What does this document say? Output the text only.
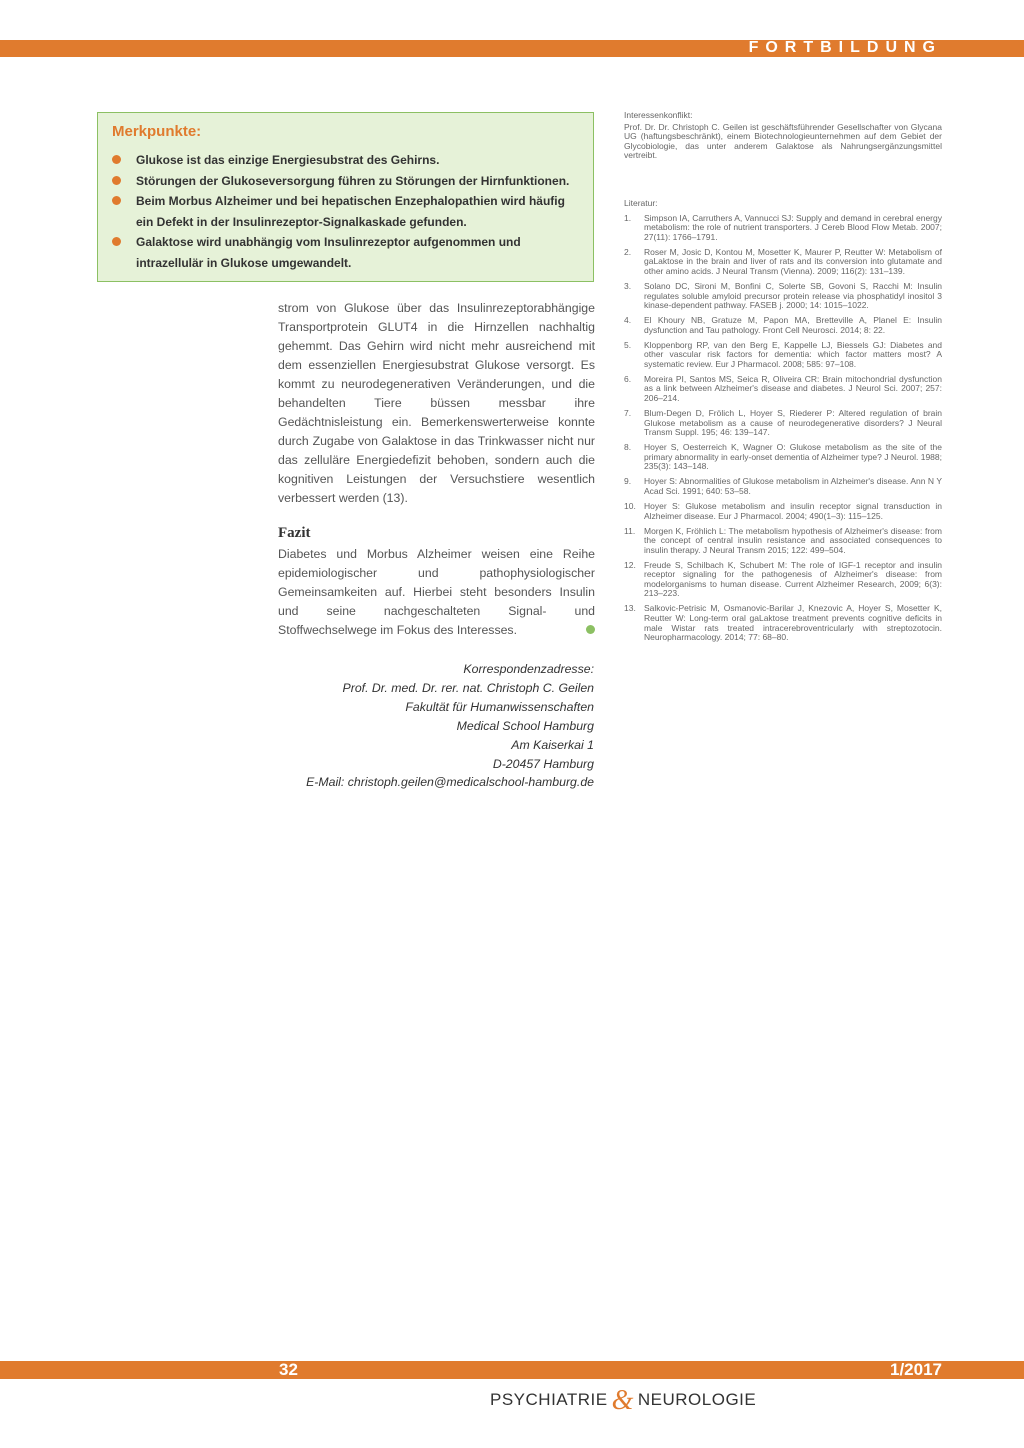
FORTBILDUNG
Merkpunkte:
Glukose ist das einzige Energiesubstrat des Gehirns.
Störungen der Glukoseversorgung führen zu Störungen der Hirnfunktionen.
Beim Morbus Alzheimer und bei hepatischen Enzephalopathien wird häufig ein Defekt in der Insulinrezeptor-Signalkaskade gefunden.
Galaktose wird unabhängig vom Insulinrezeptor aufgenommen und intrazellulär in Glukose umgewandelt.
strom von Glukose über das Insulinrezeptorabhängige Transportprotein GLUT4 in die Hirnzellen nachhaltig gehemmt. Das Gehirn wird nicht mehr ausreichend mit dem essenziellen Energiesubstrat Glukose versorgt. Es kommt zu neurodegenerativen Veränderungen, und die behandelten Tiere büssen messbar ihre Gedächtnisleistung ein. Bemerkenswerterweise konnte durch Zugabe von Galaktose in das Trinkwasser nicht nur das zelluläre Energiedefizit behoben, sondern auch die kognitiven Leistungen der Versuchstiere wesentlich verbessert werden (13).
Fazit
Diabetes und Morbus Alzheimer weisen eine Reihe epidemiologischer und pathophysiologischer Gemeinsamkeiten auf. Hierbei steht besonders Insulin und seine nachgeschalteten Signal- und Stoffwechselwege im Fokus des Interesses.
Korrespondenzadresse:
Prof. Dr. med. Dr. rer. nat. Christoph C. Geilen
Fakultät für Humanwissenschaften
Medical School Hamburg
Am Kaiserkai 1
D-20457 Hamburg
E-Mail: christoph.geilen@medicalschool-hamburg.de

Interessenkonflikt:

Prof. Dr. Dr. Christoph C. Geilen ist geschäftsführender Gesellschafter von Glycana UG (haftungsbeschränkt), einem Biotechnologieunternehmen auf dem Gebiet der Glycobiologie, das unter anderem Galaktose als Nahrungsergänzungsmittel vertreibt.

Literatur:

1. Simpson IA, Carruthers A, Vannucci SJ: Supply and demand in cerebral energy metabolism: the role of nutrient transporters. J Cereb Blood Flow Metab. 2007; 27(11): 1766–1791.
2. Roser M, Josic D, Kontou M, Mosetter K, Maurer P, Reutter W: Metabolism of gaLaktose in the brain and liver of rats and its conversion into glutamate and other amino acids. J Neural Transm (Vienna). 2009; 116(2): 131–139.
3. Solano DC, Sironi M, Bonfini C, Solerte SB, Govoni S, Racchi M: Insulin regulates soluble amyloid precursor protein release via phosphatidyl inositol 3 kinase-dependent pathway. FASEB j. 2000; 14: 1015–1022.
4. El Khoury NB, Gratuze M, Papon MA, Bretteville A, Planel E: Insulin dysfunction and Tau pathology. Front Cell Neurosci. 2014; 8: 22.
5. Kloppenborg RP, van den Berg E, Kappelle LJ, Biessels GJ: Diabetes and other vascular risk factors for dementia: which factor matters most? A systematic review. Eur J Pharmacol. 2008; 585: 97–108.
6. Moreira PI, Santos MS, Seica R, Oliveira CR: Brain mitochondrial dysfunction as a link between Alzheimer's disease and diabetes. J Neurol Sci. 2007; 257: 206–214.
7. Blum-Degen D, Frölich L, Hoyer S, Riederer P: Altered regulation of brain Glukose metabolism as a cause of neurodegenerative disorders? J Neural Transm Suppl. 195; 46: 139–147.
8. Hoyer S, Oesterreich K, Wagner O: Glukose metabolism as the site of the primary abnormality in early-onset dementia of Alzheimer type? J Neurol. 1988; 235(3): 143–148.
9. Hoyer S: Abnormalities of Glukose metabolism in Alzheimer's disease. Ann N Y Acad Sci. 1991; 640: 53–58.
10. Hoyer S: Glukose metabolism and insulin receptor signal transduction in Alzheimer disease. Eur J Pharmacol. 2004; 490(1–3): 115–125.
11. Morgen K, Fröhlich L: The metabolism hypothesis of Alzheimer's disease: from the concept of central insulin resistance and associated consequences to insulin therapy. J Neural Transm 2015; 122: 499–504.
12. Freude S, Schilbach K, Schubert M: The role of IGF-1 receptor and insulin receptor signaling for the pathogenesis of Alzheimer's disease: from modelorganisms to human disease. Current Alzheimer Research, 2009; 6(3): 213–223.
13. Salkovic-Petrisic M, Osmanovic-Barilar J, Knezovic A, Hoyer S, Mosetter K, Reutter W: Long-term oral gaLaktose treatment prevents cognitive deficits in male Wistar rats treated intracerebroventricularly with streptozotocin. Neuropharmacology. 2014; 77: 68–80.
32	1/2017
PSYCHIATRIE & NEUROLOGIE
